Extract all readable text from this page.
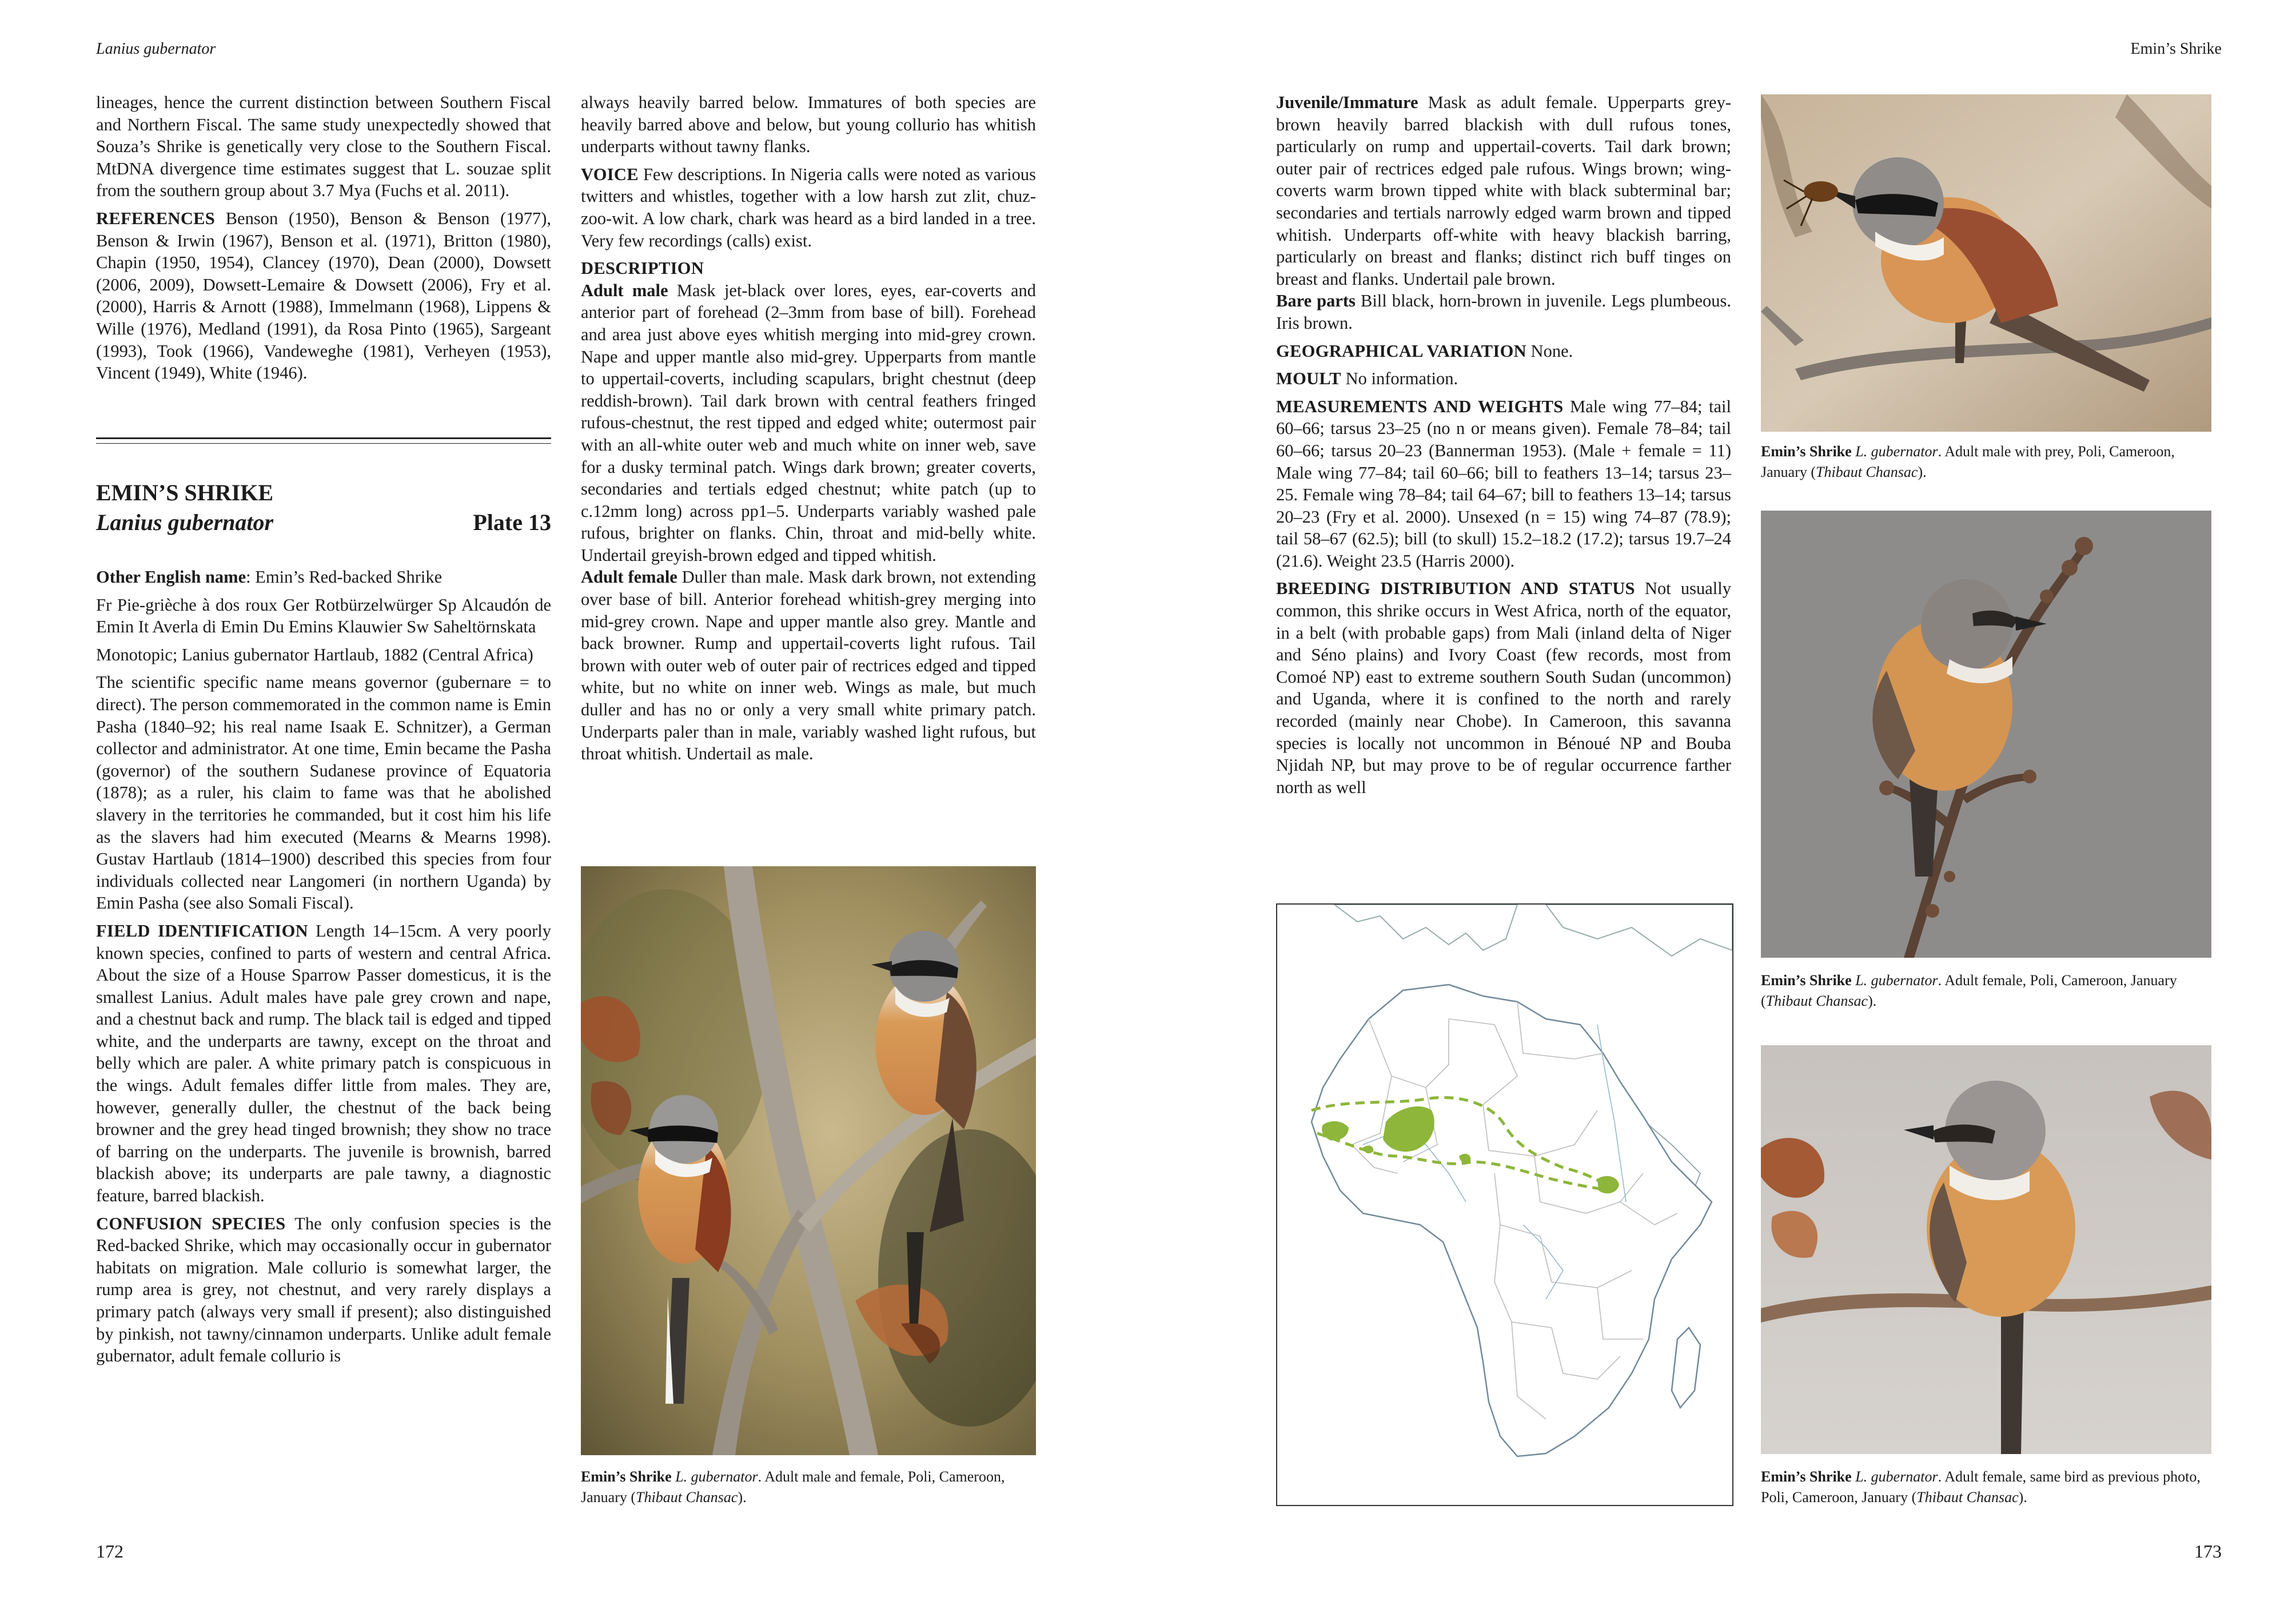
Lanius gubernator	Emin’s Shrike

lineages, hence the current distinction between Southern Fiscal and Northern Fiscal. The same study unexpectedly showed that Souza’s Shrike is genetically very close to the Southern Fiscal. MtDNA divergence time estimates suggest that L. souzae split from the southern group about 3.7 Mya (Fuchs et al. 2011).

REFERENCES Benson (1950), Benson & Benson (1977), Benson & Irwin (1967), Benson et al. (1971), Britton (1980), Chapin (1950, 1954), Clancey (1970), Dean (2000), Dowsett (2006, 2009), Dowsett-Lemaire & Dowsett (2006), Fry et al. (2000), Harris & Arnott (1988), Immelmann (1968), Lippens & Wille (1976), Medland (1991), da Rosa Pinto (1965), Sargeant (1993), Took (1966), Vandeweghe (1981), Verheyen (1953), Vincent (1949), White (1946).

EMIN’S SHRIKE
Lanius gubernator	Plate 13

Other English name: Emin’s Red-backed Shrike

Fr Pie-grièche à dos roux Ger Rotbürzelwürger Sp Alcaudón de Emin It Averla di Emin Du Emins Klauwier Sw Saheltörnskata

Monotopic; Lanius gubernator Hartlaub, 1882 (Central Africa)

The scientific specific name means governor (gubernare = to direct). The person commemorated in the common name is Emin Pasha (1840–92; his real name Isaak E. Schnitzer), a German collector and administrator. At one time, Emin became the Pasha (governor) of the southern Sudanese province of Equatoria (1878); as a ruler, his claim to fame was that he abolished slavery in the territories he commanded, but it cost him his life as the slavers had him executed (Mearns & Mearns 1998). Gustav Hartlaub (1814–1900) described this species from four individuals collected near Langomeri (in northern Uganda) by Emin Pasha (see also Somali Fiscal).

FIELD IDENTIFICATION Length 14–15cm. A very poorly known species, confined to parts of western and central Africa. About the size of a House Sparrow Passer domesticus, it is the smallest Lanius. Adult males have pale grey crown and nape, and a chestnut back and rump. The black tail is edged and tipped white, and the underparts are tawny, except on the throat and belly which are paler. A white primary patch is conspicuous in the wings. Adult females differ little from males. They are, however, generally duller, the chestnut of the back being browner and the grey head tinged brownish; they show no trace of barring on the underparts. The juvenile is brownish, barred blackish above; its underparts are pale tawny, a diagnostic feature, barred blackish.

CONFUSION SPECIES The only confusion species is the Red-backed Shrike, which may occasionally occur in gubernator habitats on migration. Male collurio is somewhat larger, the rump area is grey, not chestnut, and very rarely displays a primary patch (always very small if present); also distinguished by pinkish, not tawny/cinnamon underparts. Unlike adult female gubernator, adult female collurio is

always heavily barred below. Immatures of both species are heavily barred above and below, but young collurio has whitish underparts without tawny flanks.

VOICE Few descriptions. In Nigeria calls were noted as various twitters and whistles, together with a low harsh zut zlit, chuz-zoo-wit. A low chark, chark was heard as a bird landed in a tree. Very few recordings (calls) exist.

DESCRIPTION

Adult male Mask jet-black over lores, eyes, ear-coverts and anterior part of forehead (2–3mm from base of bill). Forehead and area just above eyes whitish merging into mid-grey crown. Nape and upper mantle also mid-grey. Upperparts from mantle to uppertail-coverts, including scapulars, bright chestnut (deep reddish-brown). Tail dark brown with central feathers fringed rufous-chestnut, the rest tipped and edged white; outermost pair with an all-white outer web and much white on inner web, save for a dusky terminal patch. Wings dark brown; greater coverts, secondaries and tertials edged chestnut; white patch (up to c.12mm long) across pp1–5. Underparts variably washed pale rufous, brighter on flanks. Chin, throat and mid-belly white. Undertail greyish-brown edged and tipped whitish.

Adult female Duller than male. Mask dark brown, not extending over base of bill. Anterior forehead whitish-grey merging into mid-grey crown. Nape and upper mantle also grey. Mantle and back browner. Rump and uppertail-coverts light rufous. Tail brown with outer web of outer pair of rectrices edged and tipped white, but no white on inner web. Wings as male, but much duller and has no or only a very small white primary patch. Underparts paler than in male, variably washed light rufous, but throat whitish. Undertail as male.

Emin’s Shrike L. gubernator. Adult male and female, Poli, Cameroon, January (Thibaut Chansac).

Juvenile/Immature Mask as adult female. Upperparts grey-brown heavily barred blackish with dull rufous tones, particularly on rump and uppertail-coverts. Tail dark brown; outer pair of rectrices edged pale rufous. Wings brown; wing-coverts warm brown tipped white with black subterminal bar; secondaries and tertials narrowly edged warm brown and tipped whitish. Underparts off-white with heavy blackish barring, particularly on breast and flanks; distinct rich buff tinges on breast and flanks. Undertail pale brown.

Bare parts Bill black, horn-brown in juvenile. Legs plumbeous. Iris brown.

GEOGRAPHICAL VARIATION None.

MOULT No information.

MEASUREMENTS AND WEIGHTS Male wing 77–84; tail 60–66; tarsus 23–25 (no n or means given). Female 78–84; tail 60–66; tarsus 20–23 (Bannerman 1953). (Male + female = 11) Male wing 77–84; tail 60–66; bill to feathers 13–14; tarsus 23–25. Female wing 78–84; tail 64–67; bill to feathers 13–14; tarsus 20–23 (Fry et al. 2000). Unsexed (n = 15) wing 74–87 (78.9); tail 58–67 (62.5); bill (to skull) 15.2–18.2 (17.2); tarsus 19.7–24 (21.6). Weight 23.5 (Harris 2000).

BREEDING DISTRIBUTION AND STATUS Not usually common, this shrike occurs in West Africa, north of the equator, in a belt (with probable gaps) from Mali (inland delta of Niger and Séno plains) and Ivory Coast (few records, most from Comoé NP) east to extreme southern South Sudan (uncommon) and Uganda, where it is confined to the north and rarely recorded (mainly near Chobe). In Cameroon, this savanna species is locally not uncommon in Bénoué NP and Bouba Njidah NP, but may prove to be of regular occurrence farther north as well

Emin’s Shrike L. gubernator. Adult male with prey, Poli, Cameroon, January (Thibaut Chansac).
Emin’s Shrike L. gubernator. Adult female, Poli, Cameroon, January (Thibaut Chansac).
Emin’s Shrike L. gubernator. Adult female, same bird as previous photo, Poli, Cameroon, January (Thibaut Chansac).
172	173
